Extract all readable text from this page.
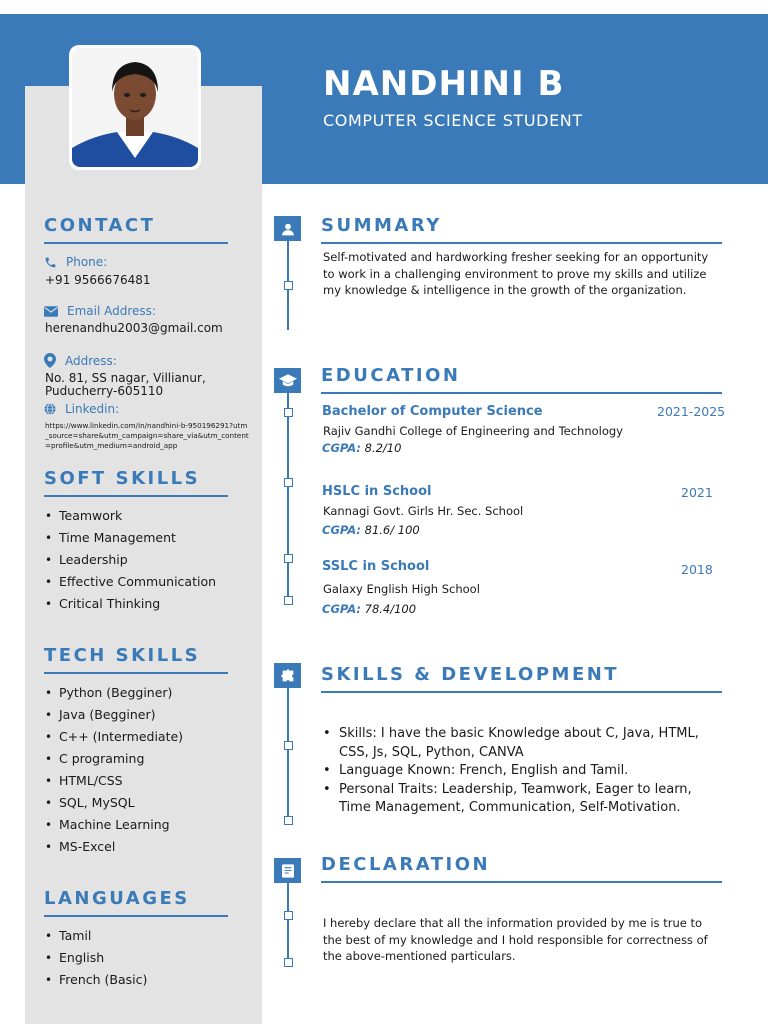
NANDHINI B
COMPUTER SCIENCE STUDENT
CONTACT
Phone:
+91 9566676481
Email Address:
herenandhu2003@gmail.com
Address:
No. 81, SS nagar, Villianur,
Puducherry-605110
Linkedin:
https://www.linkedin.com/in/nandhini-b-950196291?utm_source=share&utm_campaign=share_via&utm_content=profile&utm_medium=android_app
SOFT SKILLS
• Teamwork
• Time Management
• Leadership
• Effective Communication
• Critical Thinking
TECH SKILLS
• Python (Begginer)
• Java (Begginer)
• C++ (Intermediate)
• C programing
• HTML/CSS
• SQL, MySQL
• Machine Learning
• MS-Excel
LANGUAGES
• Tamil
• English
• French (Basic)
SUMMARY
Self-motivated and hardworking fresher seeking for an opportunity to work in a challenging environment to prove my skills and utilize my knowledge & intelligence in the growth of the organization.
EDUCATION
Bachelor of Computer Science	2021-2025
Rajiv Gandhi College of Engineering and Technology
CGPA: 8.2/10
HSLC in School	2021
Kannagi Govt. Girls Hr. Sec. School
CGPA: 81.6/ 100
SSLC in School	2018
Galaxy English High School
CGPA: 78.4/100
SKILLS & DEVELOPMENT
• Skills: I have the basic Knowledge about C, Java, HTML, CSS, Js, SQL, Python, CANVA
• Language Known: French, English and Tamil.
• Personal Traits: Leadership, Teamwork, Eager to learn, Time Management, Communication, Self-Motivation.
DECLARATION
I hereby declare that all the information provided by me is true to the best of my knowledge and I hold responsible for correctness of the above-mentioned particulars.
